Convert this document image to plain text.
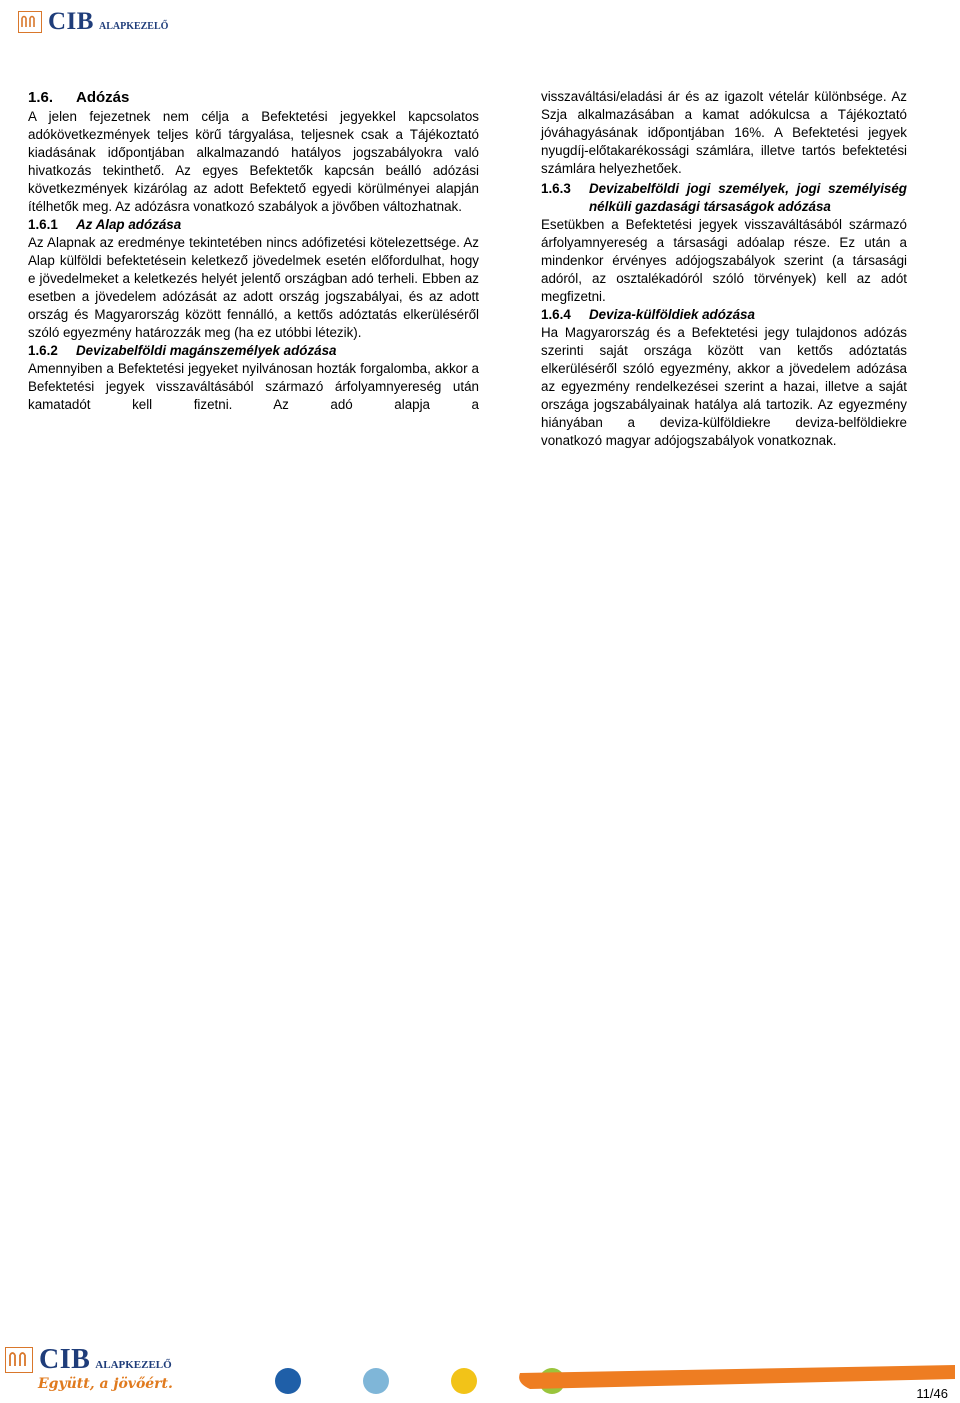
CIB ALAPKEZELŐ
1.6.	Adózás

A jelen fejezetnek nem célja a Befektetési jegyekkel kapcsolatos adókövetkezmények teljes körű tárgyalása, teljesnek csak a Tájékoztató kiadásának időpontjában alkalmazandó hatályos jogszabályokra való hivatkozás tekinthető. Az egyes Befektetők kapcsán beálló adózási következmények kizárólag az adott Befektető egyedi körülményei alapján ítélhetők meg. Az adózásra vonatkozó szabályok a jövőben változhatnak.

1.6.1	Az Alap adózása

Az Alapnak az eredménye tekintetében nincs adófizetési kötelezettsége. Az Alap külföldi befektetésein keletkező jövedelmek esetén előfordulhat, hogy e jövedelmeket a keletkezés helyét jelentő országban adó terheli. Ebben az esetben a jövedelem adózását az adott ország jogszabályai, és az adott ország és Magyarország között fennálló, a kettős adóztatás elkerüléséről szóló egyezmény határozzák meg (ha ez utóbbi létezik).

1.6.2	Devizabelföldi magánszemélyek adózása

Amennyiben a Befektetési jegyeket nyilvánosan hozták forgalomba, akkor a Befektetési jegyek visszaváltásából származó árfolyamnyereség után kamatadót kell fizetni. Az adó alapja a

visszaváltási/eladási ár és az igazolt vételár különbsége. Az Szja alkalmazásában a kamat adókulcsa a Tájékoztató jóváhagyásának időpontjában 16%. A Befektetési jegyek nyugdíj-előtakarékossági számlára, illetve tartós befektetési számlára helyezhetőek.

1.6.3	Devizabelföldi jogi személyek, jogi személyiség nélküli gazdasági társaságok adózása

Esetükben a Befektetési jegyek visszaváltásából származó árfolyamnyereség a társasági adóalap része. Ez után a mindenkor érvényes adójogszabályok szerint (a társasági adóról, az osztalékadóról szóló törvények) kell az adót megfizetni.

1.6.4	Deviza-külföldiek adózása

Ha Magyarország és a Befektetési jegy tulajdonos adózás szerinti saját országa között van kettős adóztatás elkerüléséről szóló egyezmény, akkor a jövedelem adózása az egyezmény rendelkezései szerint a hazai, illetve a saját országa jogszabályainak hatálya alá tartozik. Az egyezmény hiányában a deviza-külföldiekre deviza-belföldiekre vonatkozó magyar adójogszabályok vonatkoznak.

CIB ALAPKEZELŐ
Együtt, a jövőért.
11/46
